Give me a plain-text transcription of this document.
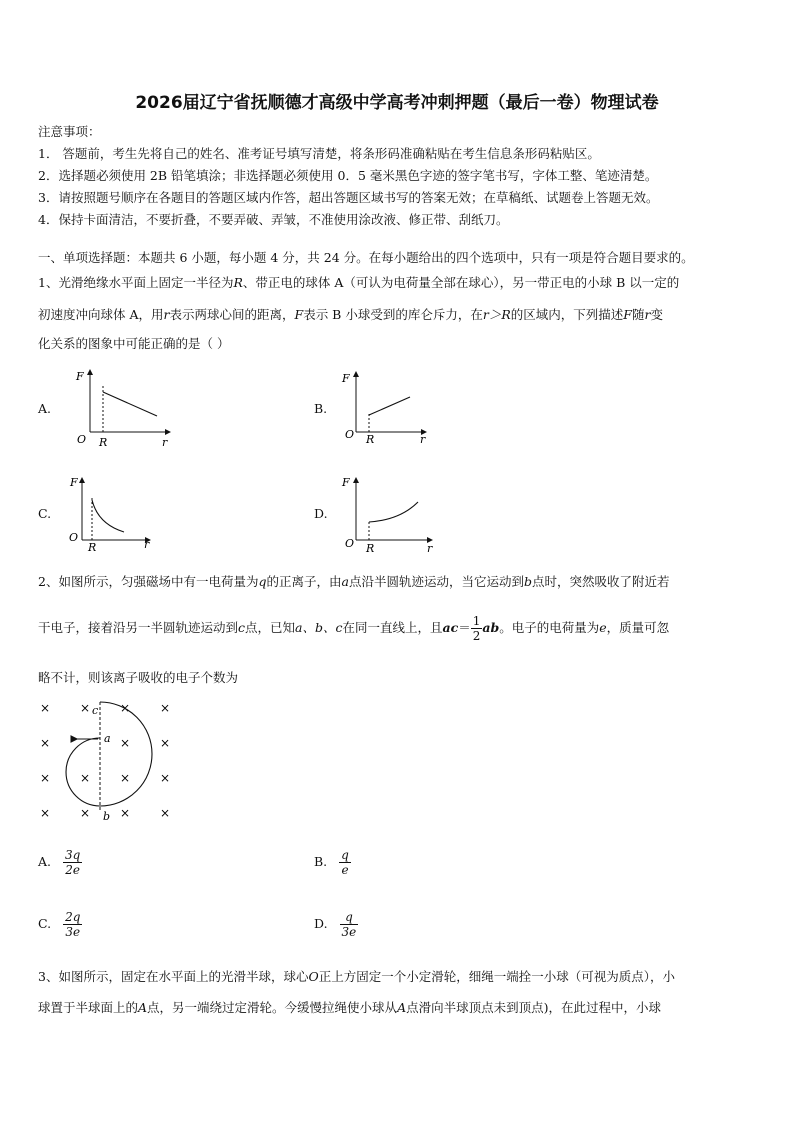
2026届辽宁省抚顺德才高级中学高考冲刺押题（最后一卷）物理试卷
注意事项：
1． 答题前，考生先将自己的姓名、准考证号填写清楚，将条形码准确粘贴在考生信息条形码粘贴区。
2．选择题必须使用 2B 铅笔填涂；非选择题必须使用 0．5 毫米黑色字迹的签字笔书写，字体工整、笔迹清楚。
3．请按照题号顺序在各题目的答题区域内作答，超出答题区域书写的答案无效；在草稿纸、试题卷上答题无效。
4．保持卡面清洁，不要折叠，不要弄破、弄皱，不准使用涂改液、修正带、刮纸刀。
一、单项选择题：本题共 6 小题，每小题 4 分，共 24 分。在每小题给出的四个选项中，只有一项是符合题目要求的。
1、光滑绝缘水平面上固定一半径为R、带正电的球体 A（可认为电荷量全部在球心），另一带正电的小球 B 以一定的
初速度冲向球体 A，用r表示两球心间的距离，F表示 B 小球受到的库仑斥力，在r＞R的区域内，下列描述F随r变
化关系的图象中可能正确的是（ ）
A.	B.
C.	D.
F
O R	r
F
O R	r
F
O
R	r
F
O R	r
2、如图所示，匀强磁场中有一电荷量为q的正离子，由a点沿半圆轨迹运动，当它运动到b点时，突然吸收了附近若
干电子，接着沿另一半圆轨迹运动到c点，已知a、b、c在同一直线上，且$ac= \frac{1}{2}$ ab。电子的电荷量为e，质量可忽
略不计，则该离子吸收的电子个数为
× × × ×
×	× ×
× × × ×
× × × ×
c
a
b
A. $\frac{3q}{2e}$	B. $\frac{q}{e}$
C. $\frac{2q}{3e}$	D. $\frac{q}{3e}$
3、如图所示，固定在水平面上的光滑半球，球心O正上方固定一个小定滑轮，细绳一端拴一小球（可视为质点），小
球置于半球面上的A点，另一端绕过定滑轮。今缓慢拉绳使小球从A点滑向半球顶点未到顶点)，在此过程中，小球
